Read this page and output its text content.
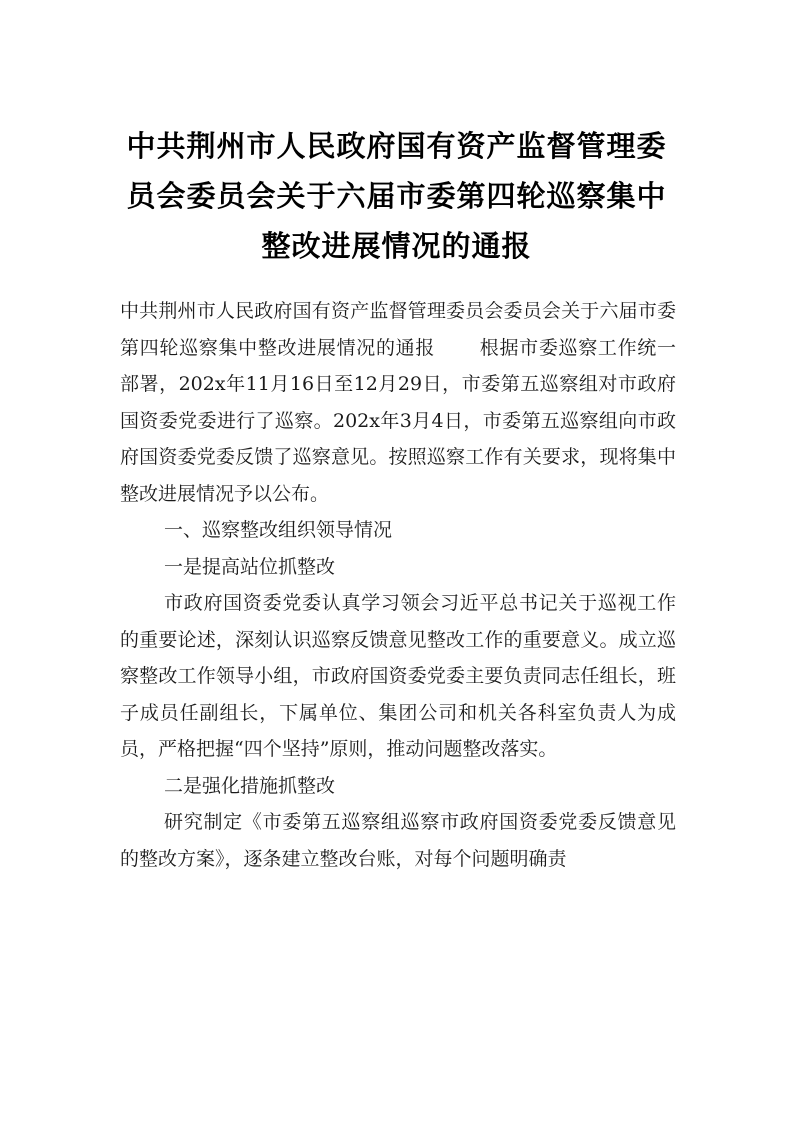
中共荆州市人民政府国有资产监督管理委
员会委员会关于六届市委第四轮巡察集中
整改进展情况的通报

中共荆州市人民政府国有资产监督管理委员会委员会关于六届市委第四轮巡察集中整改进展情况的通报 根据市委巡察工作统一部署，202x年11月16日至12月29日，市委第五巡察组对市政府国资委党委进行了巡察。202x年3月4日，市委第五巡察组向市政府国资委党委反馈了巡察意见。按照巡察工作有关要求，现将集中整改进展情况予以公布。

一、巡察整改组织领导情况

一是提高站位抓整改

市政府国资委党委认真学习领会习近平总书记关于巡视工作的重要论述，深刻认识巡察反馈意见整改工作的重要意义。成立巡察整改工作领导小组，市政府国资委党委主要负责同志任组长，班子成员任副组长，下属单位、集团公司和机关各科室负责人为成员，严格把握“四个坚持”原则，推动问题整改落实。

二是强化措施抓整改

研究制定《市委第五巡察组巡察市政府国资委党委反馈意见的整改方案》，逐条建立整改台账，对每个问题明确责
